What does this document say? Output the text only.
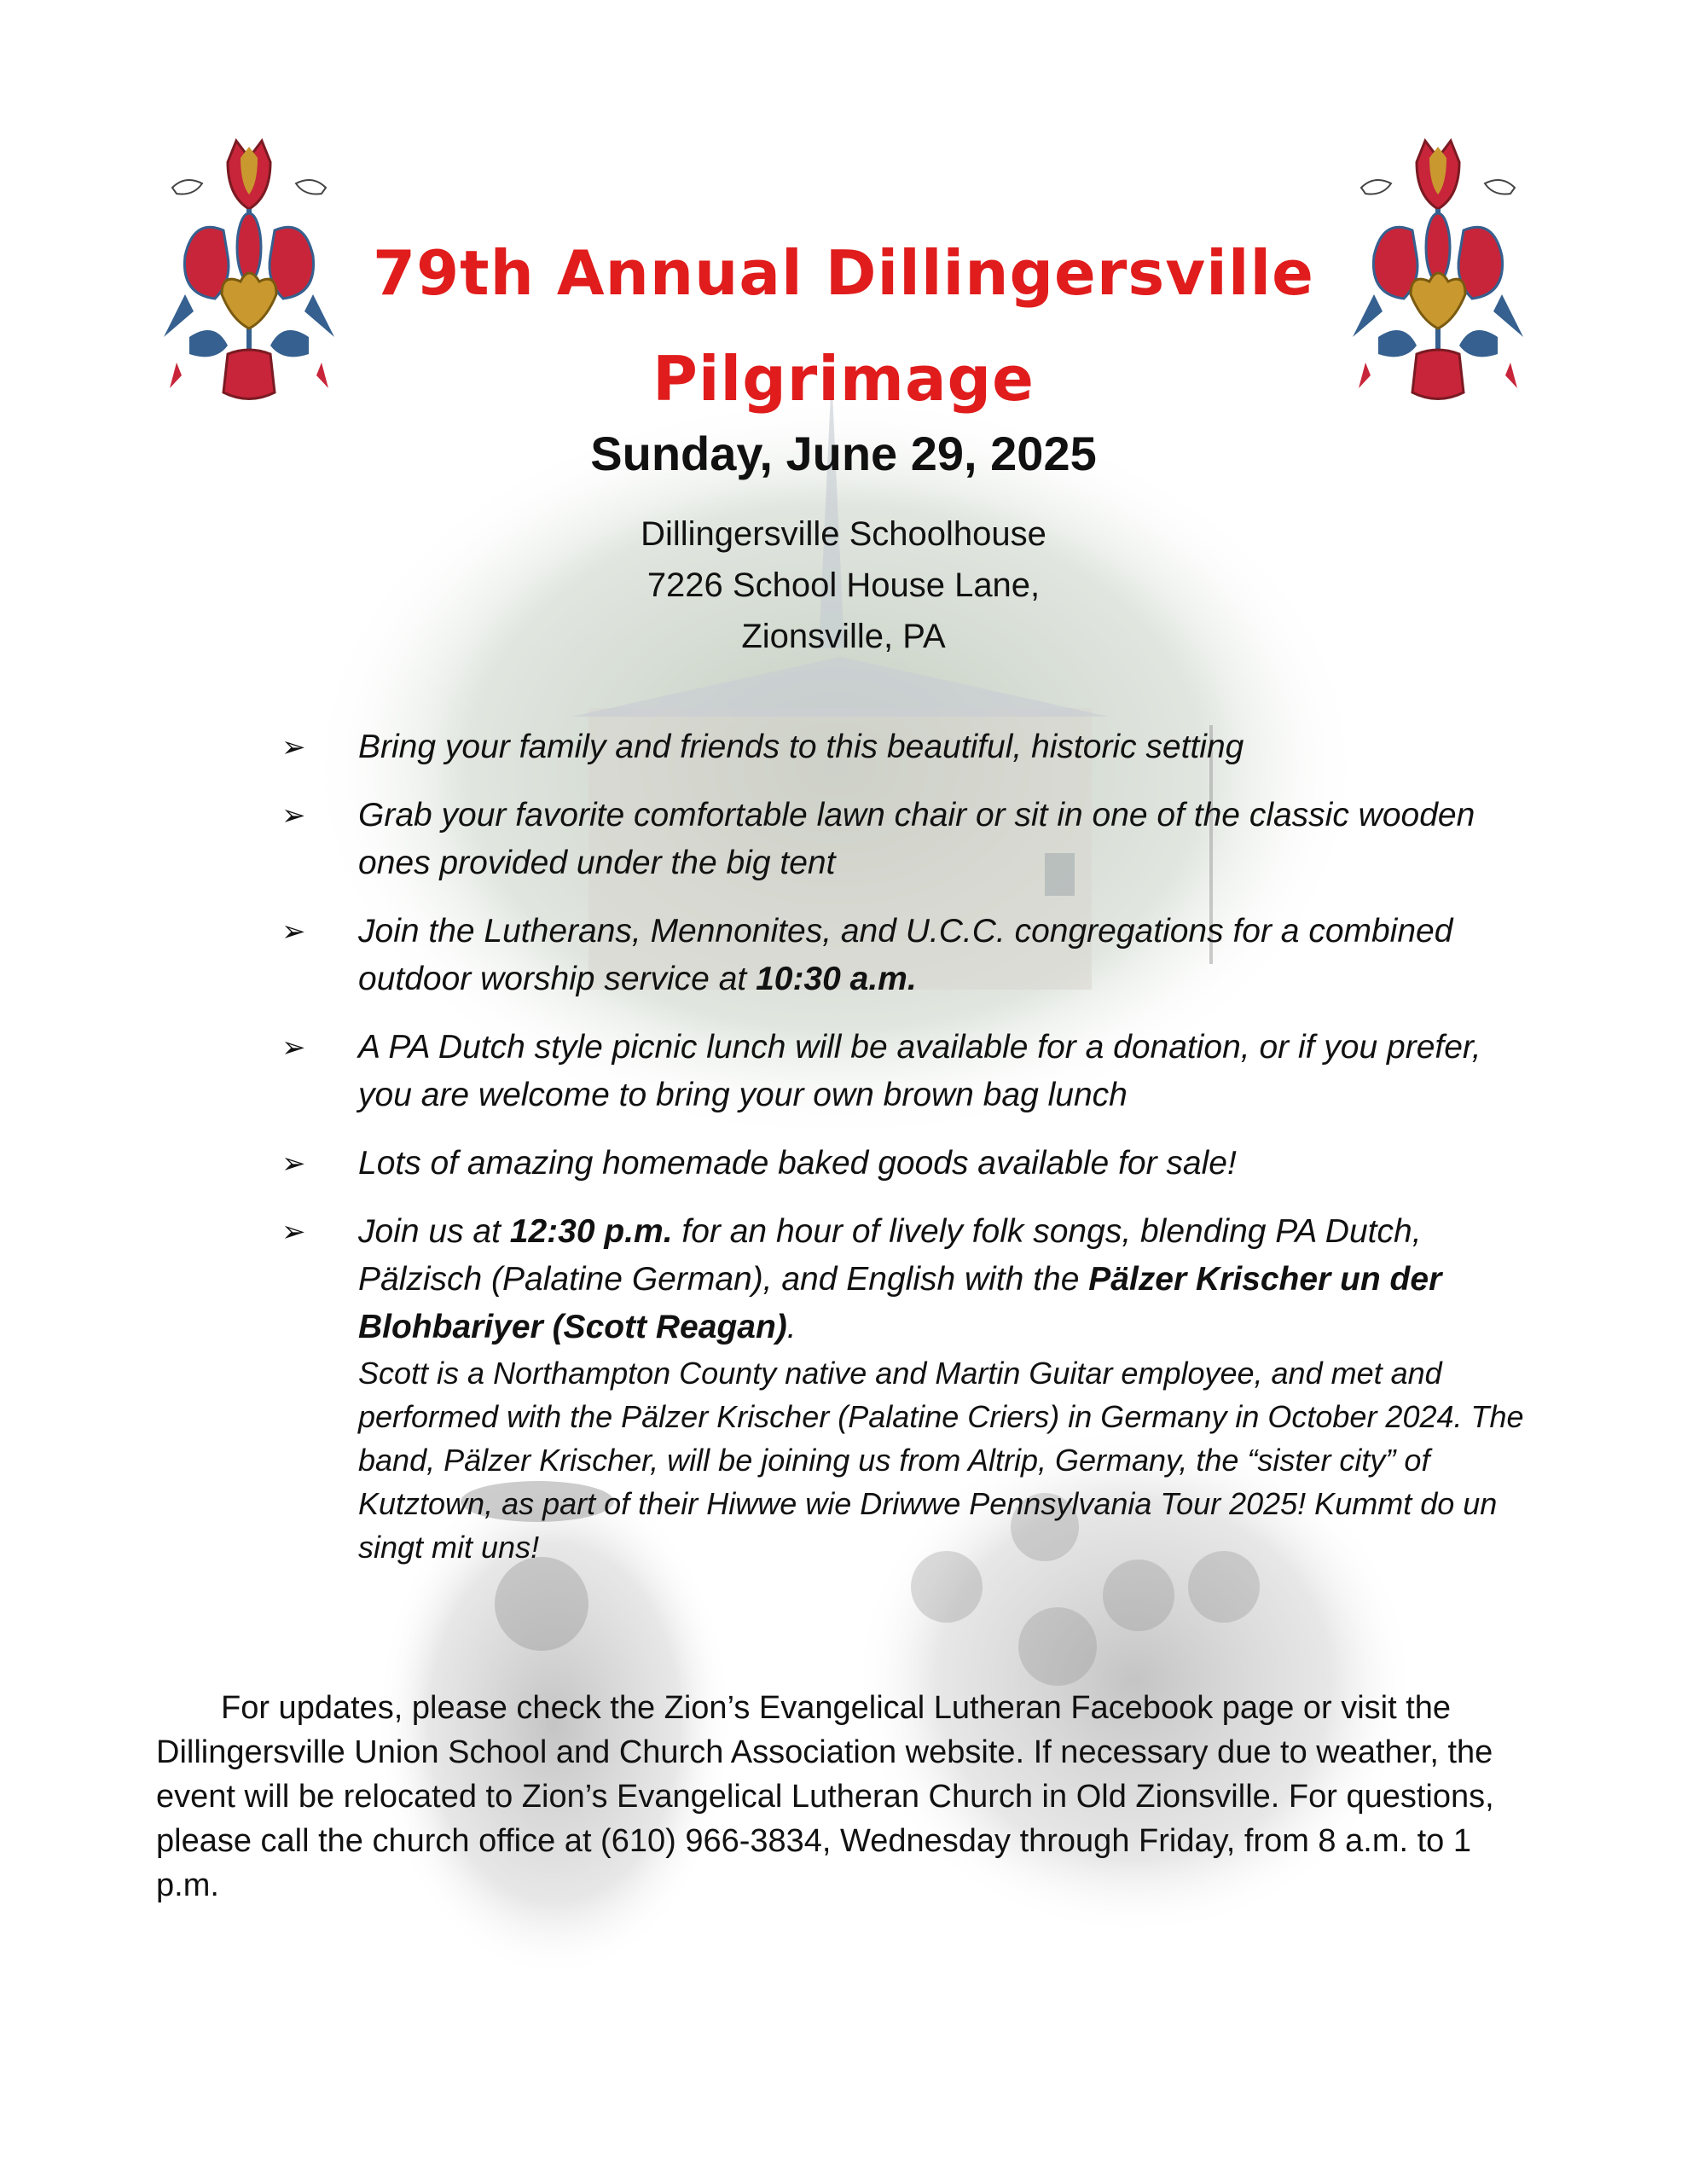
79th Annual Dillingersville
Pilgrimage
Sunday, June 29, 2025
Dillingersville Schoolhouse
7226 School House Lane,
Zionsville, PA
➢ Bring your family and friends to this beautiful, historic setting
➢ Grab your favorite comfortable lawn chair or sit in one of the classic wooden ones provided under the big tent
➢ Join the Lutherans, Mennonites, and U.C.C. congregations for a combined outdoor worship service at 10:30 a.m.
➢ A PA Dutch style picnic lunch will be available for a donation, or if you prefer, you are welcome to bring your own brown bag lunch
➢ Lots of amazing homemade baked goods available for sale!
➢ Join us at 12:30 p.m. for an hour of lively folk songs, blending PA Dutch, Pälzisch (Palatine German), and English with the Pälzer Krischer un der Blohbariyer (Scott Reagan).
Scott is a Northampton County native and Martin Guitar employee, and met and performed with the Pälzer Krischer (Palatine Criers) in Germany in October 2024. The band, Pälzer Krischer, will be joining us from Altrip, Germany, the “sister city” of Kutztown, as part of their Hiwwe wie Driwwe Pennsylvania Tour 2025! Kummt do un singt mit uns!

  For updates, please check the Zion’s Evangelical Lutheran Facebook page or visit the Dillingersville Union School and Church Association website. If necessary due to weather, the event will be relocated to Zion’s Evangelical Lutheran Church in Old Zionsville. For questions, please call the church office at (610) 966-3834, Wednesday through Friday, from 8 a.m. to 1 p.m.
